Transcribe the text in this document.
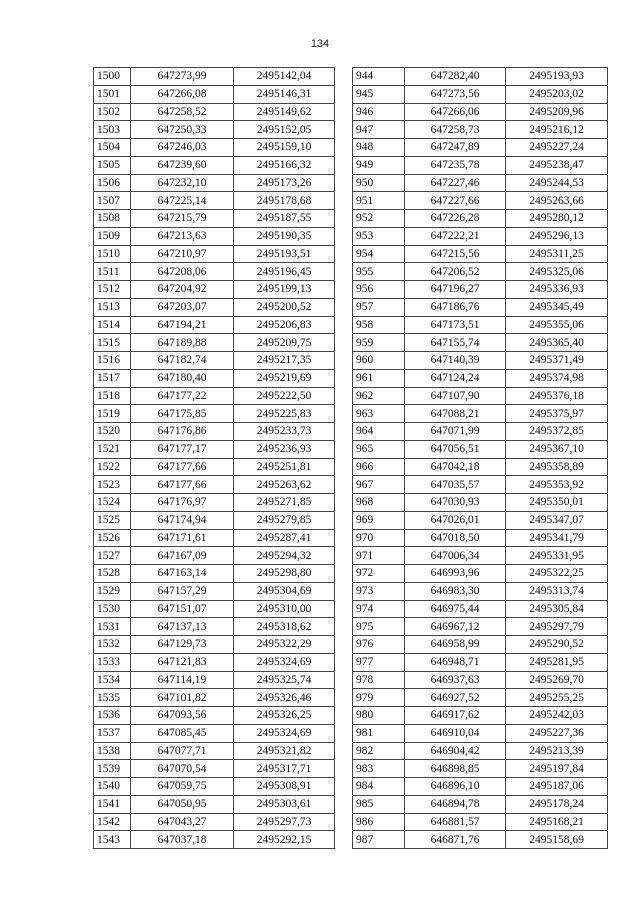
134
1500	647273,99	2495142,04
1501	647266,08	2495146,31
1502	647258,52	2495149,62
1503	647250,33	2495152,05
1504	647246,03	2495159,10
1505	647239,60	2495166,32
1506	647232,10	2495173,26
1507	647225,14	2495178,68
1508	647215,79	2495187,55
1509	647213,63	2495190,35
1510	647210,97	2495193,51
1511	647208,06	2495196,45
1512	647204,92	2495199,13
1513	647203,07	2495200,52
1514	647194,21	2495206,83
1515	647189,88	2495209,75
1516	647182,74	2495217,35
1517	647180,40	2495219,69
1518	647177,22	2495222,50
1519	647175,85	2495225,83
1520	647176,86	2495233,73
1521	647177,17	2495236,93
1522	647177,66	2495251,81
1523	647177,66	2495263,62
1524	647176,97	2495271,85
1525	647174,94	2495279,85
1526	647171,61	2495287,41
1527	647167,09	2495294,32
1528	647163,14	2495298,80
1529	647157,29	2495304,69
1530	647151,07	2495310,00
1531	647137,13	2495318,62
1532	647129,73	2495322,29
1533	647121,83	2495324,69
1534	647114,19	2495325,74
1535	647101,82	2495326,46
1536	647093,56	2495326,25
1537	647085,45	2495324,69
1538	647077,71	2495321,82
1539	647070,54	2495317,71
1540	647059,75	2495308,91
1541	647050,95	2495303,61
1542	647043,27	2495297,73
1543	647037,18	2495292,15
944	647282,40	2495193,93
945	647273,56	2495203,02
946	647266,06	2495209,96
947	647258,73	2495216,12
948	647247,89	2495227,24
949	647235,78	2495238,47
950	647227,46	2495244,53
951	647227,66	2495263,66
952	647226,28	2495280,12
953	647222,21	2495296,13
954	647215,56	2495311,25
955	647206,52	2495325,06
956	647196,27	2495336,93
957	647186,76	2495345,49
958	647173,51	2495355,06
959	647155,74	2495365,40
960	647140,39	2495371,49
961	647124,24	2495374,98
962	647107,90	2495376,18
963	647088,21	2495375,97
964	647071,99	2495372,85
965	647056,51	2495367,10
966	647042,18	2495358,89
967	647035,57	2495353,92
968	647030,93	2495350,01
969	647026,01	2495347,07
970	647018,50	2495341,79
971	647006,34	2495331,95
972	646993,96	2495322,25
973	646983,30	2495313,74
974	646975,44	2495305,84
975	646967,12	2495297,79
976	646958,99	2495290,52
977	646948,71	2495281,95
978	646937,63	2495269,70
979	646927,52	2495255,25
980	646917,62	2495242,03
981	646910,04	2495227,36
982	646904,42	2495213,39
983	646898,85	2495197,84
984	646896,10	2495187,06
985	646894,78	2495178,24
986	646881,57	2495168,21
987	646871,76	2495158,69
